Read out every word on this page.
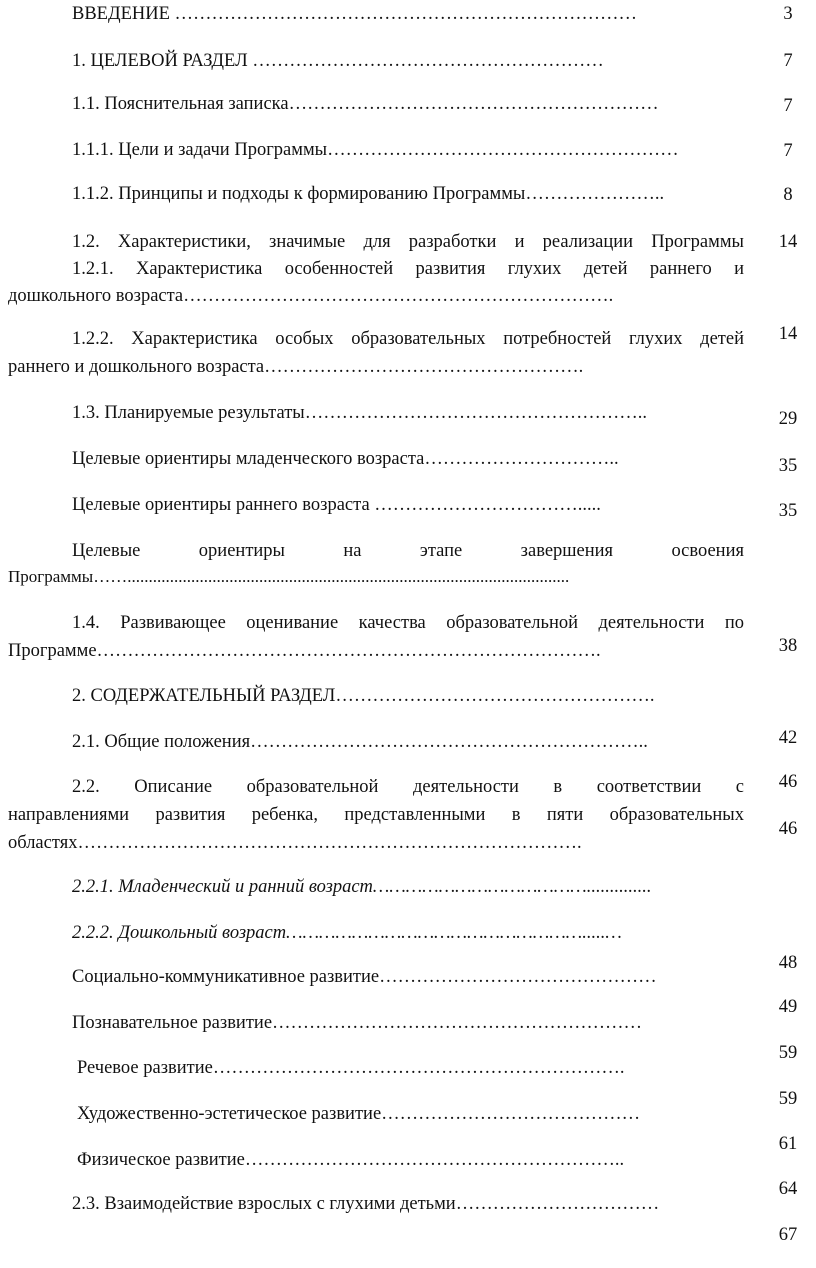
ВВЕДЕНИЕ …………………………………………………………………
1. ЦЕЛЕВОЙ РАЗДЕЛ …………………………………………………
1.1. Пояснительная записка……………………………………………………
1.1.1. Цели и задачи Программы…………………………………………………
1.1.2. Принципы и подходы к формированию Программы…………………..
1.2. Характеристики, значимые для разработки и реализации Программы
1.2.1. Характеристика особенностей развития глухих детей раннего и
дошкольного возраста…………………………………………………………….
1.2.2. Характеристика особых образовательных потребностей глухих детей
раннего и дошкольного возраста…………………………………………….
1.3. Планируемые результаты………………………………………………..
Целевые ориентиры младенческого возраста…………………………..
Целевые ориентиры раннего возраста …………………………….....
Целевые ориентиры на этапе завершения освоения
Программы……........................................................................................................
1.4. Развивающее оценивание качества образовательной деятельности по
Программе……………………………………………………………………….
2. СОДЕРЖАТЕЛЬНЫЙ РАЗДЕЛ…………………………………………….
2.1. Общие положения………………………………………………………..
2.2. Описание образовательной деятельности в соответствии с
направлениями развития ребенка, представленными в пяти образовательных
областях……………………………………………………………………….
2.2.1. Младенческий и ранний возраст…………………………………..............
2.2.2. Дошкольный возраст……………………………………………….....…
Социально-коммуникативное развитие………………………………………
Познавательное развитие……………………………………………………
Речевое развитие………………………………………………………….
Художественно-эстетическое развитие……………………………………
Физическое развитие……………………………………………………..
2.3. Взаимодействие взрослых с глухими детьми……………………………
3
7
7
7
8
14
14
29
35
35
38
42
46
46
48
49
59
59
61
64
67
